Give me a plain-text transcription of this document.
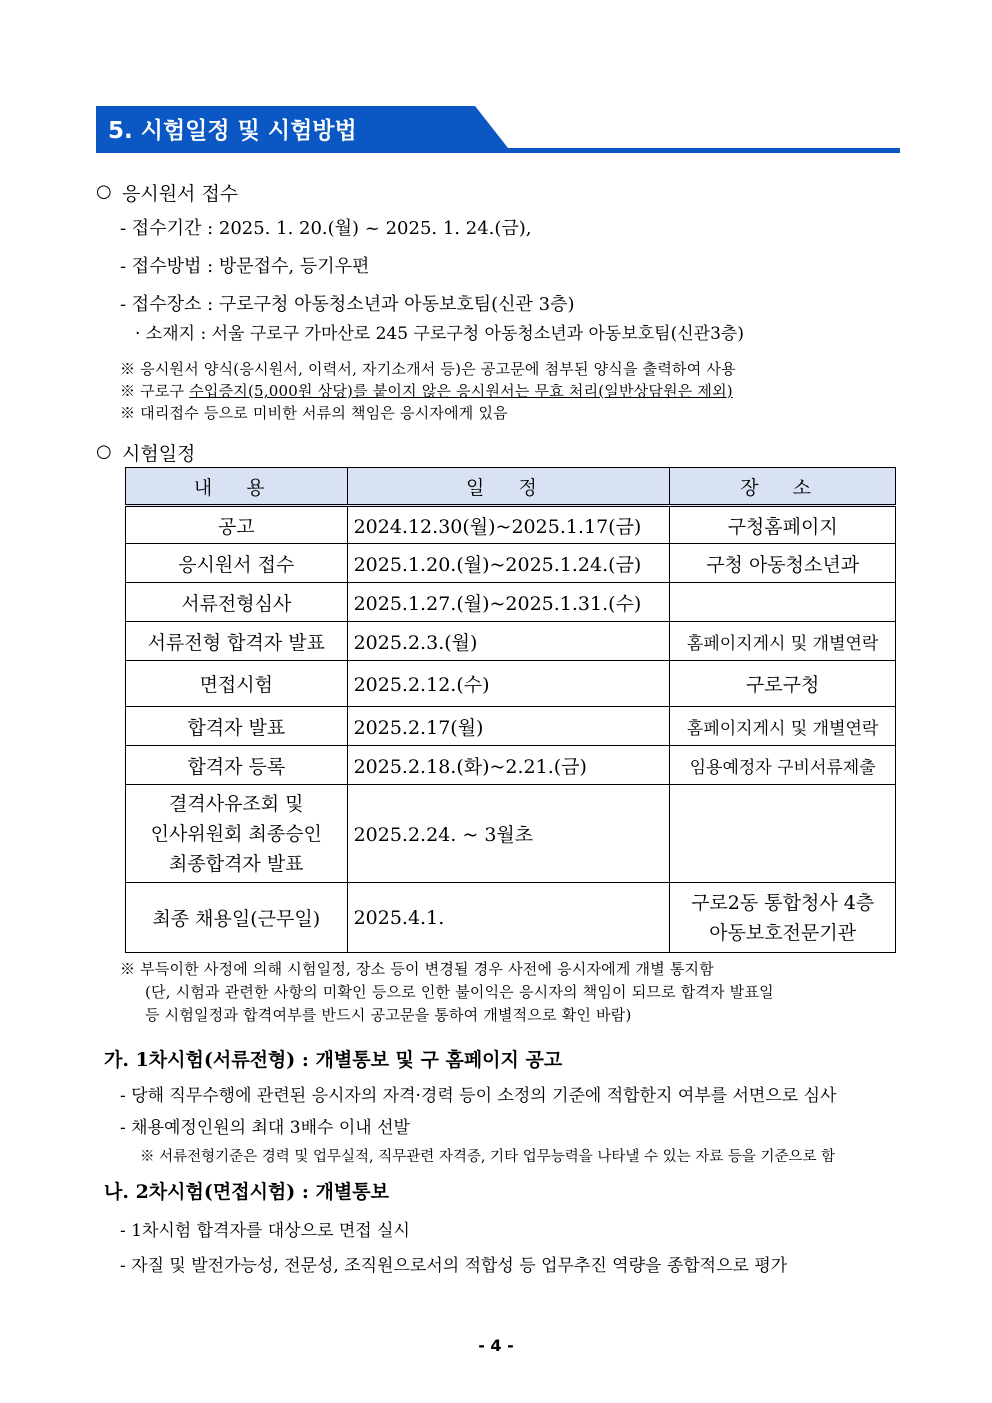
5. 시험일정 및 시험방법
○ 응시원서 접수
- 접수기간 : 2025. 1. 20.(월) ~ 2025. 1. 24.(금),
- 접수방법 : 방문접수, 등기우편
- 접수장소 : 구로구청 아동청소년과 아동보호팀(신관 3층)
· 소재지 : 서울 구로구 가마산로 245 구로구청 아동청소년과 아동보호팀(신관3층)
※ 응시원서 양식(응시원서, 이력서, 자기소개서 등)은 공고문에 첨부된 양식을 출력하여 사용
※ 구로구 수입증지(5,000원 상당)를 붙이지 않은 응시원서는 무효 처리(일반상담원은 제외)
※ 대리접수 등으로 미비한 서류의 책임은 응시자에게 있음
○ 시험일정
내 용	일 정	장 소
공고	2024.12.30(월)~2025.1.17(금)	구청홈페이지
응시원서 접수	2025.1.20.(월)~2025.1.24.(금)	구청 아동청소년과
서류전형심사	2025.1.27.(월)~2025.1.31.(수)	
서류전형 합격자 발표	2025.2.3.(월)	홈페이지게시 및 개별연락
면접시험	2025.2.12.(수)	구로구청
합격자 발표	2025.2.17(월)	홈페이지게시 및 개별연락
합격자 등록	2025.2.18.(화)~2.21.(금)	임용예정자 구비서류제출

결격사유조회 및
인사위원회 최종승인
최종합격자 발표	2025.2.24. ~ 3월초	
최종 채용일(근무일)	2025.4.1.	구로2동 통합청사 4층
아동보호전문기관
※ 부득이한 사정에 의해 시험일정, 장소 등이 변경될 경우 사전에 응시자에게 개별 통지함
(단, 시험과 관련한 사항의 미확인 등으로 인한 불이익은 응시자의 책임이 되므로 합격자 발표일
등 시험일정과 합격여부를 반드시 공고문을 통하여 개별적으로 확인 바람)
가. 1차시험(서류전형) : 개별통보 및 구 홈페이지 공고
- 당해 직무수행에 관련된 응시자의 자격·경력 등이 소정의 기준에 적합한지 여부를 서면으로 심사
- 채용예정인원의 최대 3배수 이내 선발
※ 서류전형기준은 경력 및 업무실적, 직무관련 자격증, 기타 업무능력을 나타낼 수 있는 자료 등을 기준으로 함
나. 2차시험(면접시험) : 개별통보
- 1차시험 합격자를 대상으로 면접 실시
- 자질 및 발전가능성, 전문성, 조직원으로서의 적합성 등 업무추진 역량을 종합적으로 평가
- 4 -
